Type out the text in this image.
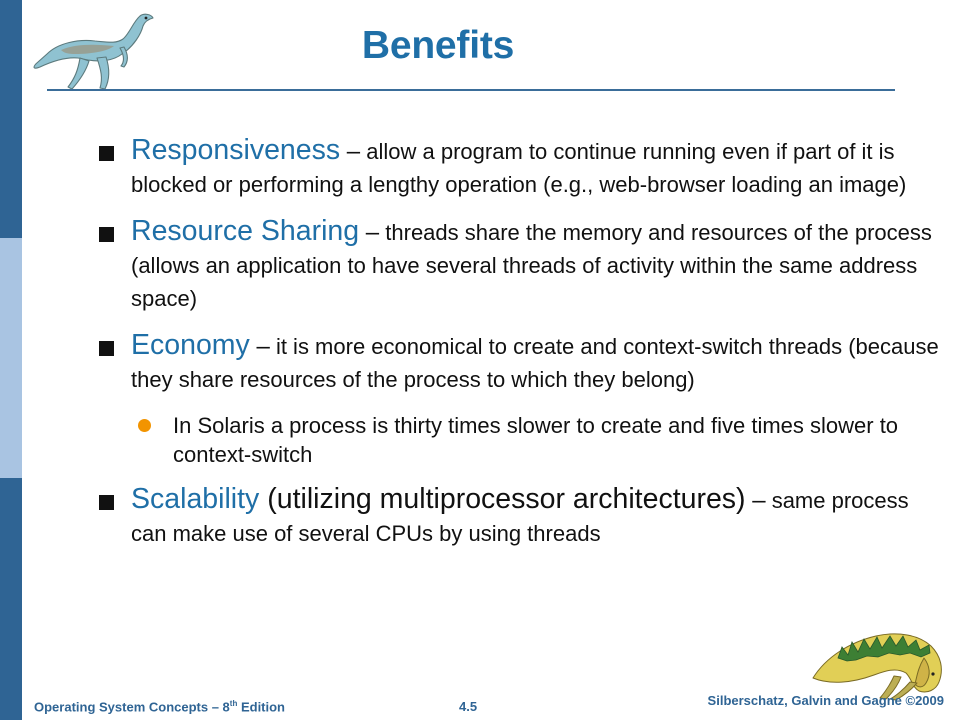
Benefits

Responsiveness – allow a program to continue running even if part of it is blocked or performing a lengthy operation (e.g., web-browser loading an image)

Resource Sharing – threads share the memory and resources of the process (allows an application to have several threads of activity within the same address space)

Economy – it is more economical to create and context-switch threads (because they share resources of the process to which they belong)

In Solaris a process is thirty times slower to create and five times slower to context-switch

Scalability (utilizing multiprocessor architectures) – same process can make use of several CPUs by using threads

Operating System Concepts – 8th Edition	4.5	Silberschatz, Galvin and Gagne ©2009
